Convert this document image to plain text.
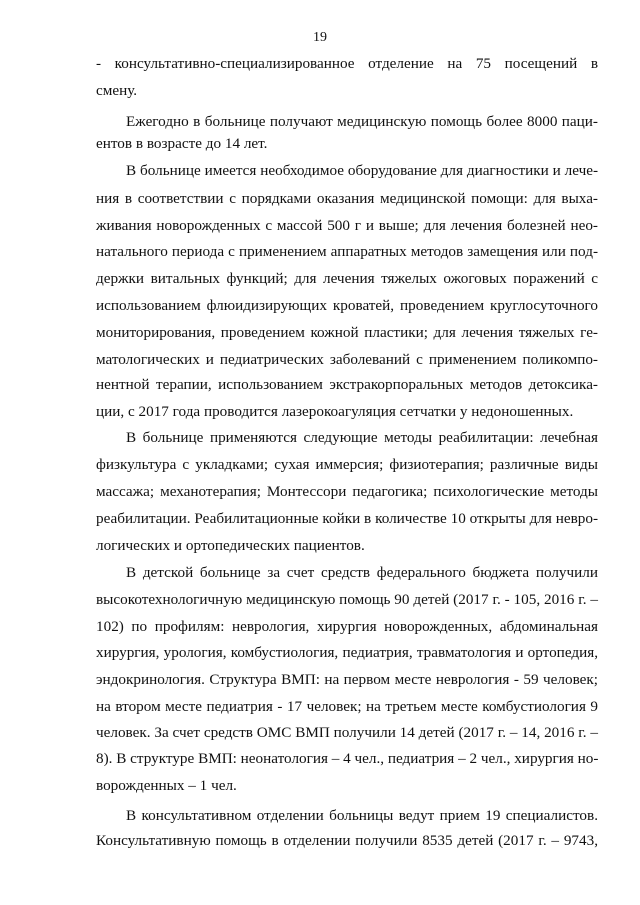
19
- консультативно-специализированное отделение на 75 посещений в
смену.
Ежегодно в больнице получают медицинскую помощь более 8000 паци-
ентов в возрасте до 14 лет.
В больнице имеется необходимое оборудование для диагностики и лече-
ния в соответствии с порядками оказания медицинской помощи: для выха-
живания новорожденных с массой 500 г и выше; для лечения болезней нео-
натального периода с применением аппаратных методов замещения или под-
держки витальных функций; для лечения тяжелых ожоговых поражений с
использованием флюидизирующих кроватей, проведением круглосуточного
мониторирования, проведением кожной пластики; для лечения тяжелых ге-
матологических и педиатрических заболеваний с применением поликомпо-
нентной терапии, использованием экстракорпоральных методов детоксика-
ции, с 2017 года проводится лазерокоагуляция сетчатки у недоношенных.
В больнице применяются следующие методы реабилитации: лечебная
физкультура с укладками; сухая иммерсия; физиотерапия; различные виды
массажа; механотерапия; Монтессори педагогика; психологические методы
реабилитации. Реабилитационные койки в количестве 10 открыты для невро-
логических и ортопедических пациентов.
В детской больнице за счет средств федерального бюджета получили
высокотехнологичную медицинскую помощь 90 детей (2017 г. - 105, 2016 г. –
102) по профилям: неврология, хирургия новорожденных, абдоминальная
хирургия, урология, комбустиология, педиатрия, травматология и ортопедия,
эндокринология. Структура ВМП: на первом месте неврология - 59 человек;
на втором месте педиатрия - 17 человек; на третьем месте комбустиология 9
человек. За счет средств ОМС ВМП получили 14 детей (2017 г. – 14, 2016 г. –
8). В структуре ВМП: неонатология – 4 чел., педиатрия – 2 чел., хирургия но-
ворожденных – 1 чел.
В консультативном отделении больницы ведут прием 19 специалистов.
Консультативную помощь в отделении получили 8535 детей (2017 г. – 9743,
